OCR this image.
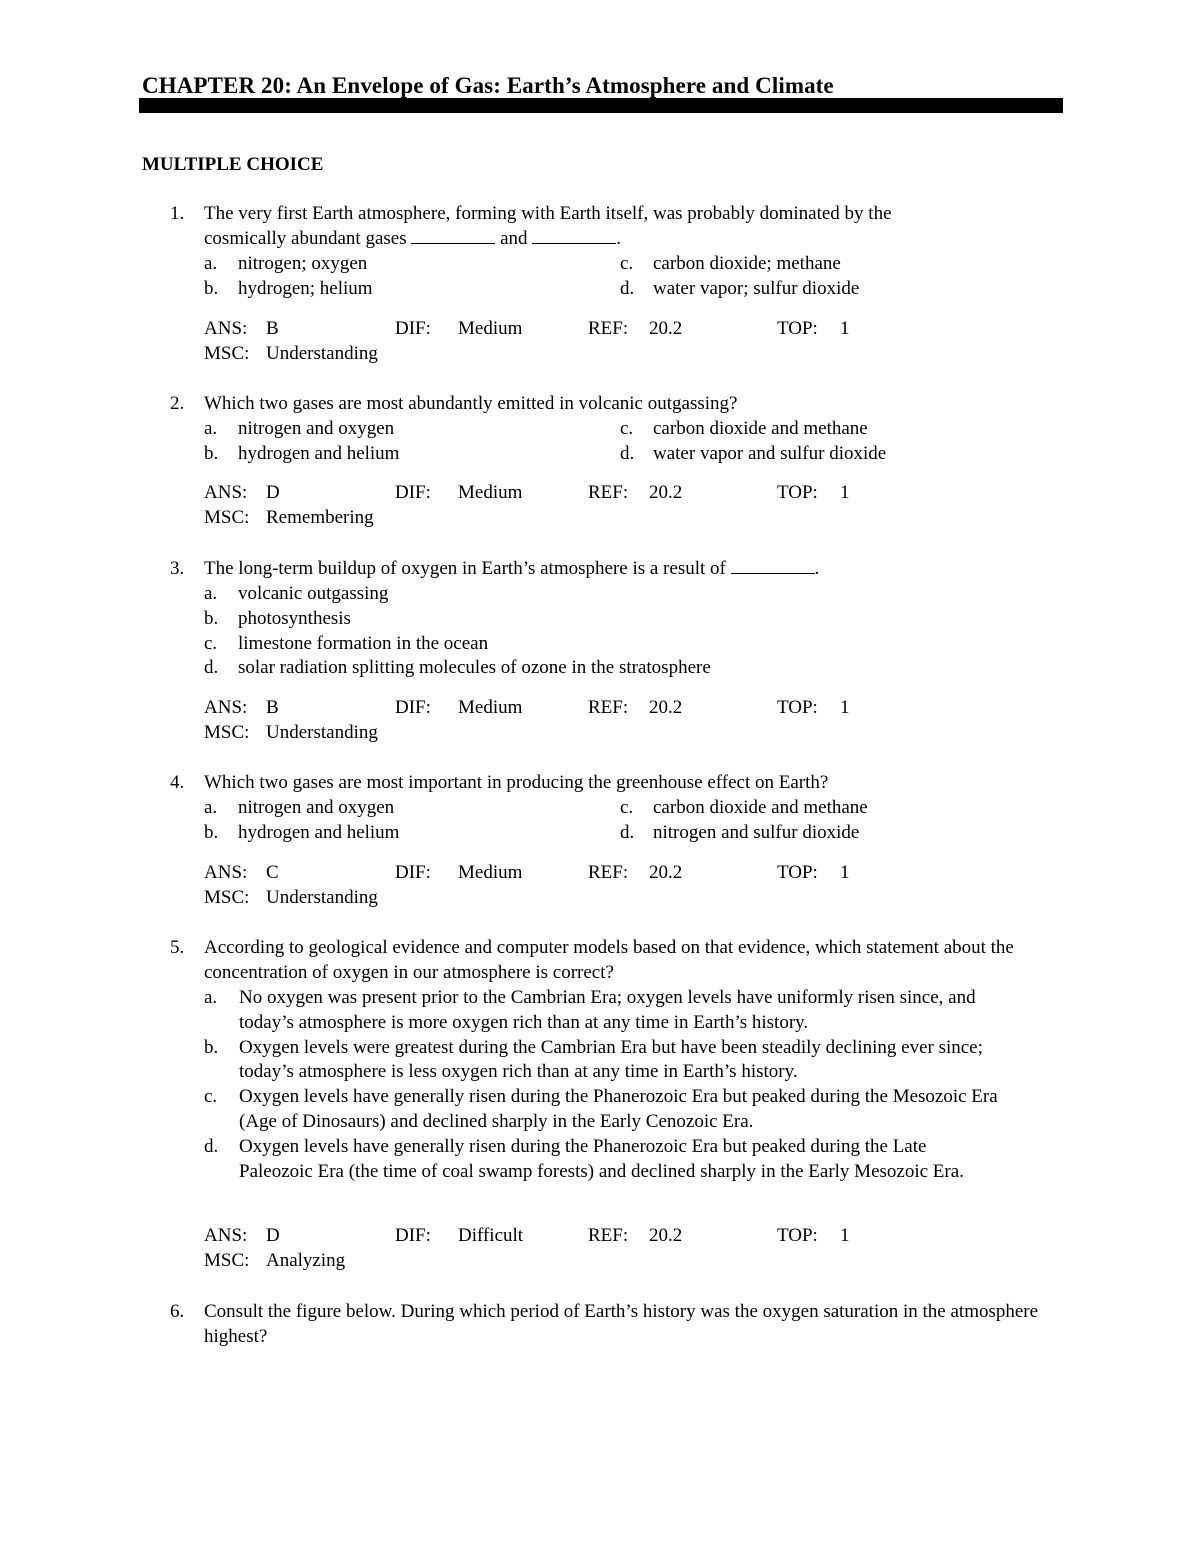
CHAPTER 20: An Envelope of Gas: Earth’s Atmosphere and Climate
MULTIPLE CHOICE
1. The very first Earth atmosphere, forming with Earth itself, was probably dominated by the
cosmically abundant gases	and	.
a. nitrogen; oxygen	c. carbon dioxide; methane
b. hydrogen; helium	d. water vapor; sulfur dioxide
ANS: B	DIF: Medium	REF: 20.2	TOP: 1
MSC: Understanding
2. Which two gases are most abundantly emitted in volcanic outgassing?
a. nitrogen and oxygen	c. carbon dioxide and methane
b. hydrogen and helium	d. water vapor and sulfur dioxide
ANS: D	DIF: Medium	REF: 20.2	TOP: 1
MSC: Remembering
3. The long-term buildup of oxygen in Earth’s atmosphere is a result of	.
a. volcanic outgassing
b. photosynthesis
c. limestone formation in the ocean
d. solar radiation splitting molecules of ozone in the stratosphere
ANS: B	DIF: Medium	REF: 20.2	TOP: 1
MSC: Understanding
4. Which two gases are most important in producing the greenhouse effect on Earth?
a. nitrogen and oxygen	c. carbon dioxide and methane
b. hydrogen and helium	d. nitrogen and sulfur dioxide
ANS: C	DIF: Medium	REF: 20.2	TOP: 1
MSC: Understanding
5. According to geological evidence and computer models based on that evidence, which statement about the concentration of oxygen in our atmosphere is correct?
a. No oxygen was present prior to the Cambrian Era; oxygen levels have uniformly risen since, and today’s atmosphere is more oxygen rich than at any time in Earth’s history.
b. Oxygen levels were greatest during the Cambrian Era but have been steadily declining ever since; today’s atmosphere is less oxygen rich than at any time in Earth’s history.
c. Oxygen levels have generally risen during the Phanerozoic Era but peaked during the Mesozoic Era (Age of Dinosaurs) and declined sharply in the Early Cenozoic Era.
d. Oxygen levels have generally risen during the Phanerozoic Era but peaked during the Late Paleozoic Era (the time of coal swamp forests) and declined sharply in the Early Mesozoic Era.
ANS: D	DIF: Difficult	REF: 20.2	TOP: 1
MSC: Analyzing
6. Consult the figure below. During which period of Earth’s history was the oxygen saturation in the atmosphere highest?
